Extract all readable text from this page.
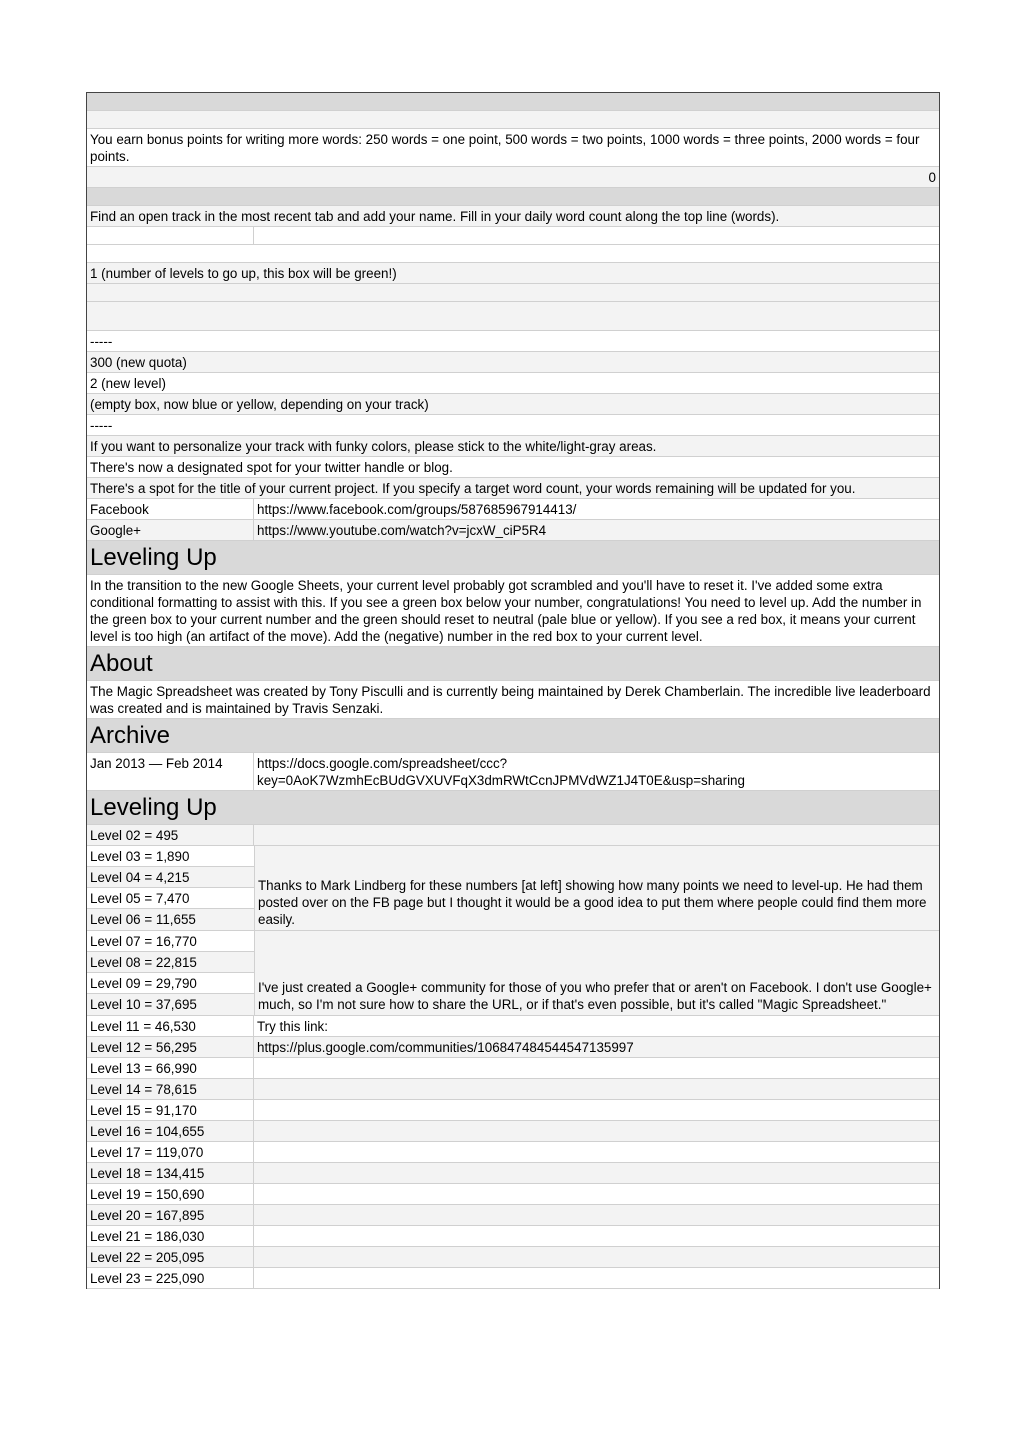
You earn bonus points for writing more words: 250 words = one point, 500 words = two points, 1000 words = three points, 2000 words = four points.
0
Find an open track in the most recent tab and add your name. Fill in your daily word count along the top line (words).
1 (number of levels to go up, this box will be green!)
-----
300 (new quota)
2 (new level)
(empty box, now blue or yellow, depending on your track)
-----
If you want to personalize your track with funky colors, please stick to the white/light-gray areas.
There's now a designated spot for your twitter handle or blog.
There's a spot for the title of your current project. If you specify a target word count, your words remaining will be updated for you.
Facebook	https://www.facebook.com/groups/587685967914413/
Google+	https://www.youtube.com/watch?v=jcxW_ciP5R4
Leveling Up
In the transition to the new Google Sheets, your current level probably got scrambled and you'll have to reset it. I've added some extra conditional formatting to assist with this. If you see a green box below your number, congratulations! You need to level up. Add the number in the green box to your current number and the green should reset to neutral (pale blue or yellow). If you see a red box, it means your current level is too high (an artifact of the move). Add the (negative) number in the red box to your current level.
About
The Magic Spreadsheet was created by Tony Pisculli and is currently being maintained by Derek Chamberlain. The incredible live leaderboard was created and is maintained by Travis Senzaki.
Archive
Jan 2013 — Feb 2014	https://docs.google.com/spreadsheet/ccc?
key=0AoK7WzmhEcBUdGVXUVFqX3dmRWtCcnJPMVdWZ1J4T0E&usp=sharing
Leveling Up
Level 02 = 495
Level 03 = 1,890
Level 04 = 4,215
Level 05 = 7,470
Level 06 = 11,655
Thanks to Mark Lindberg for these numbers [at left] showing how many points we need to level-up. He had them posted over on the FB page but I thought it would be a good idea to put them where people could find them more easily.
Level 07 = 16,770
Level 08 = 22,815
Level 09 = 29,790
Level 10 = 37,695
I've just created a Google+ community for those of you who prefer that or aren't on Facebook. I don't use Google+ much, so I'm not sure how to share the URL, or if that's even possible, but it's called "Magic Spreadsheet."
Level 11 = 46,530	Try this link:
Level 12 = 56,295	https://plus.google.com/communities/106847484544547135997
Level 13 = 66,990
Level 14 = 78,615
Level 15 = 91,170
Level 16 = 104,655
Level 17 = 119,070
Level 18 = 134,415
Level 19 = 150,690
Level 20 = 167,895
Level 21 = 186,030
Level 22 = 205,095
Level 23 = 225,090
